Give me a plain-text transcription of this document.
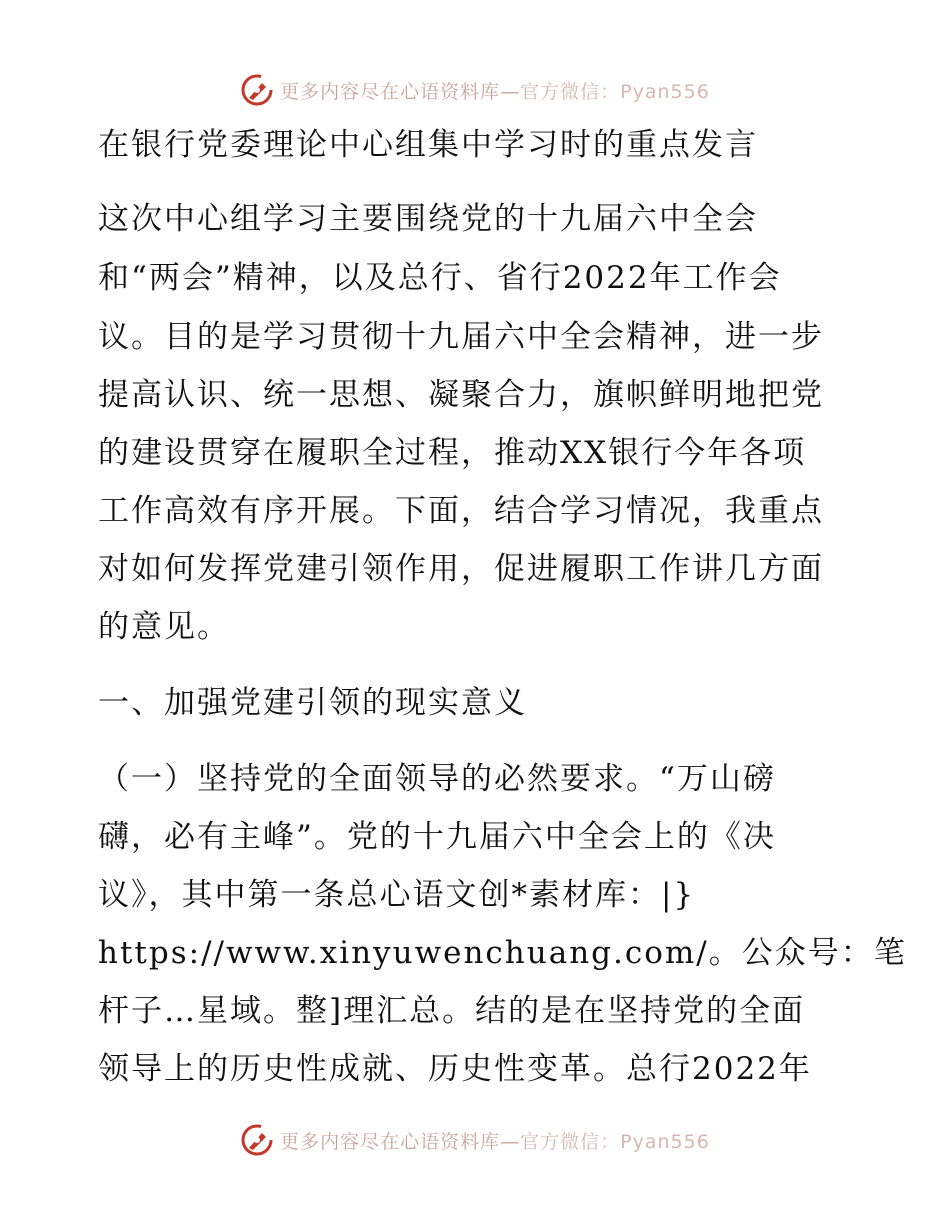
更多内容尽在心语资料库—官方微信：Pyan556

在银行党委理论中心组集中学习时的重点发言

这次中心组学习主要围绕党的十九届六中全会

和“两会”精神，以及总行、省行2022年工作会

议。目的是学习贯彻十九届六中全会精神，进一步

提高认识、统一思想、凝聚合力，旗帜鲜明地把党

的建设贯穿在履职全过程，推动XX银行今年各项

工作高效有序开展。下面，结合学习情况，我重点

对如何发挥党建引领作用，促进履职工作讲几方面

的意见。

一、加强党建引领的现实意义

（一）坚持党的全面领导的必然要求。“万山磅

礴，必有主峰”。党的十九届六中全会上的《决

议》，其中第一条总心语文创*素材库：|}

https://www.xinyuwenchuang.com/。公众号：笔

杆子…星域。整]理汇总。结的是在坚持党的全面

领导上的历史性成就、历史性变革。总行2022年

更多内容尽在心语资料库—官方微信：Pyan556
